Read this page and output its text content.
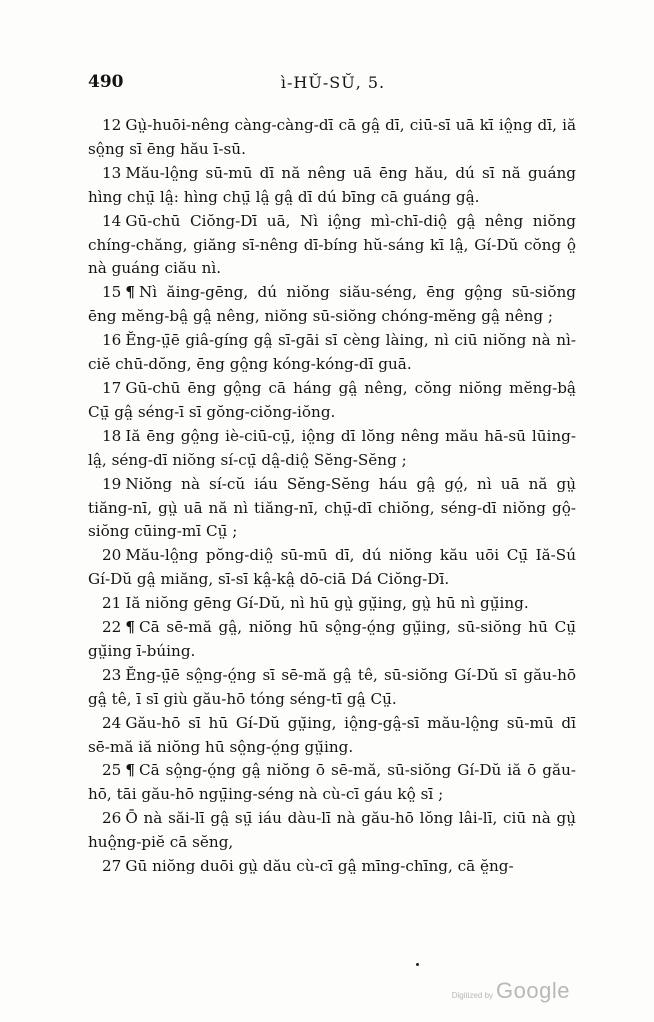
490	ì-HŬ-SŬ, 5.

12 Gṳ̀-huōi-nêng càng-càng-dī cā gâ̤ dī, ciū-sī uā kī iô̤ng dī, iă sô̤ng sī ēng hău ī-sū.

13 Mău-lô̤ng sū-mū dī nă nêng uā ēng hău, dú sī nă guáng hìng chṳ̄ lâ̤: hìng chṳ̄ lâ̤ gâ̤ dī dú bīng cā guáng gâ̤.

14 Gū-chū Ciŏng-Dī uā, Nì iô̤ng mì-chī-diô̤ gâ̤ nêng niŏng chíng-chăng, giăng sī-nêng dī-bíng hŭ-sáng kī lâ̤, Gí-Dŭ cŏng ô̤ nà guáng ciău nì.

15 ¶ Nì ăing-gēng, dú niŏng siău-séng, ēng gô̤ng sū-siŏng ēng mĕng-bâ̤ gâ̤ nêng, niŏng sū-siŏng chóng-mĕng gâ̤ nêng ;

16 Ĕng-ṳ̄ē giâ-gíng gâ̤ sī-gāi sī cèng làing, nì ciū niŏng nà nì-ciĕ chū-dŏng, ēng gô̤ng kóng-kóng-dī guā.

17 Gū-chū ēng gô̤ng cā háng gâ̤ nêng, cŏng niŏng mĕng-bâ̤ Cṳ̄ gâ̤ séng-ī sī gŏng-ciŏng-iŏng.

18 Iă ēng gô̤ng iè-ciū-cṳ̄, iô̤ng dī lŏng nêng mău hā-sū lūing-lâ̤, séng-dī niŏng sí-cṳ̄ dâ̤-diô̤ Sĕng-Sĕng ;

19 Niŏng nà sí-cŭ iáu Sĕng-Sĕng háu gâ̤ gó̤, nì uā nă gṳ̀ tiăng-nī, gṳ̀ uā nă nì tiăng-nī, chṳ̄-dī chiŏng, séng-dī niŏng gô̤-siŏng cūing-mī Cṳ̄ ;

20 Mău-lô̤ng pŏng-diô̤ sū-mū dī, dú niŏng kău uōi Cṳ̄ Iă-Sú Gí-Dŭ gâ̤ miăng, sī-sī kâ̤-kâ̤ dō-ciā Dá Ciŏng-Dī.

21 Iă niŏng gēng Gí-Dŭ, nì hū gṳ̀ gṳ̆ing, gṳ̀ hū nì gṳ̆ing.

22 ¶ Cā sē-mă gâ̤, niŏng hū sô̤ng-ó̤ng gṳ̆ing, sū-siŏng hū Cṳ̄ gṳ̆ing ī-búing.

23 Ĕng-ṳ̄ē sô̤ng-ó̤ng sī sē-mă gâ̤ tê, sū-siŏng Gí-Dŭ sī gău-hō gâ̤ tê, ī sī giù gău-hō tóng séng-tī gâ̤ Cṳ̄.

24 Gău-hō sī hū Gí-Dŭ gṳ̆ing, iô̤ng-gâ̤-sī mău-lô̤ng sū-mū dī sē-mă iă niŏng hū sô̤ng-ó̤ng gṳ̆ing.

25 ¶ Cā sô̤ng-ó̤ng gâ̤ niŏng ō sē-mă, sū-siŏng Gí-Dŭ iă ō gău-hō, tāi gău-hō ngṳ̄ing-séng nà cù-cī gáu kô̤ sī ;

26 Ō nà săi-lī gâ̤ sṳ̄ iáu dàu-lī nà gău-hō lŏng lâi-lī, ciū nà gṳ̀ huô̤ng-piĕ cā sĕng,

27 Gū niŏng duōi gṳ̀ dău cù-cī gâ̤ mīng-chīng, cā ĕ̤ng-

Digitized by Google
